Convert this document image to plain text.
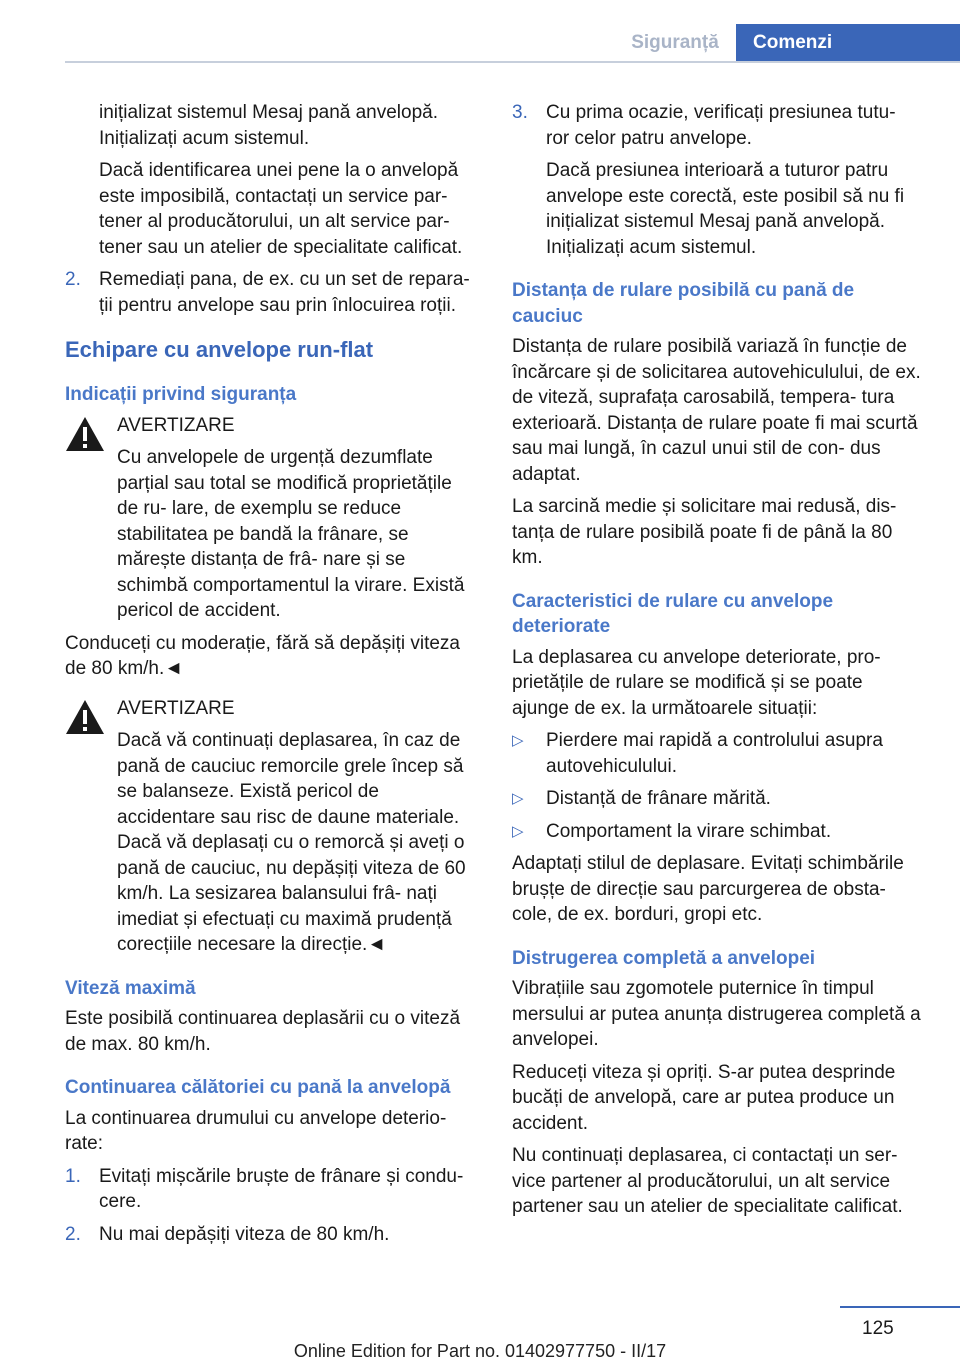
Siguranță	Comenzi

inițializat sistemul Mesaj pană anvelopă. Inițializați acum sistemul.

Dacă identificarea unei pene la o anvelopă este imposibilă, contactați un service par‐ tener al producătorului, un alt service par‐ tener sau un atelier de specialitate calificat.

2. Remediați pana, de ex. cu un set de repara‐ ții pentru anvelope sau prin înlocuirea roții.

Echipare cu anvelope run-flat

Indicații privind siguranța

AVERTIZARE

Cu anvelopele de urgență dezumflate parțial sau total se modifică proprietățile de ru‐ lare, de exemplu se reduce stabilitatea pe bandă la frânare, se mărește distanța de frâ‐ nare și se schimbă comportamentul la virare. Există pericol de accident.

Conduceți cu moderație, fără să depășiți viteza de 80 km/h.◄

AVERTIZARE

Dacă vă continuați deplasarea, în caz de pană de cauciuc remorcile grele încep să se balanseze. Există pericol de accidentare sau risc de daune materiale. Dacă vă deplasați cu o remorcă și aveți o pană de cauciuc, nu depășiți viteza de 60 km/h. La sesizarea balansului frâ‐ nați imediat și efectuați cu maximă prudență corecțiile necesare la direcție.◄

Viteză maximă

Este posibilă continuarea deplasării cu o viteză de max. 80 km/h.

Continuarea călătoriei cu pană la anvelopă

La continuarea drumului cu anvelope deterio‐ rate:

1. Evitați mișcările bruște de frânare și condu‐ cere.
2. Nu mai depășiți viteza de 80 km/h.
3. Cu prima ocazie, verificați presiunea tutu‐ ror celor patru anvelope.

Dacă presiunea interioară a tuturor patru anvelope este corectă, este posibil să nu fi inițializat sistemul Mesaj pană anvelopă. Inițializați acum sistemul.

Distanța de rulare posibilă cu pană de cauciuc

Distanța de rulare posibilă variază în funcție de încărcare și de solicitarea autovehiculului, de ex. de viteză, suprafața carosabilă, tempera‐ tura exterioară. Distanța de rulare poate fi mai scurtă sau mai lungă, în cazul unui stil de con‐ dus adaptat.

La sarcină medie și solicitare mai redusă, dis‐ tanța de rulare posibilă poate fi de până la 80 km.

Caracteristici de rulare cu anvelope deteriorate

La deplasarea cu anvelope deteriorate, pro‐ prietățile de rulare se modifică și se poate ajunge de ex. la următoarele situații:

▷	Pierdere mai rapidă a controlului asupra autovehiculului.
▷	Distanță de frânare mărită.
▷	Comportament la virare schimbat.

Adaptați stilul de deplasare. Evitați schimbările brușțe de direcție sau parcurgerea de obsta‐ cole, de ex. borduri, gropi etc.

Distrugerea completă a anvelopei

Vibrațiile sau zgomotele puternice în timpul mersului ar putea anunța distrugerea completă a anvelopei.

Reduceți viteza și opriți. S-ar putea desprinde bucăți de anvelopă, care ar putea produce un accident.

Nu continuați deplasarea, ci contactați un ser‐ vice partener al producătorului, un alt service partener sau un atelier de specialitate calificat.

125
Online Edition for Part no. 01402977750 - II/17
